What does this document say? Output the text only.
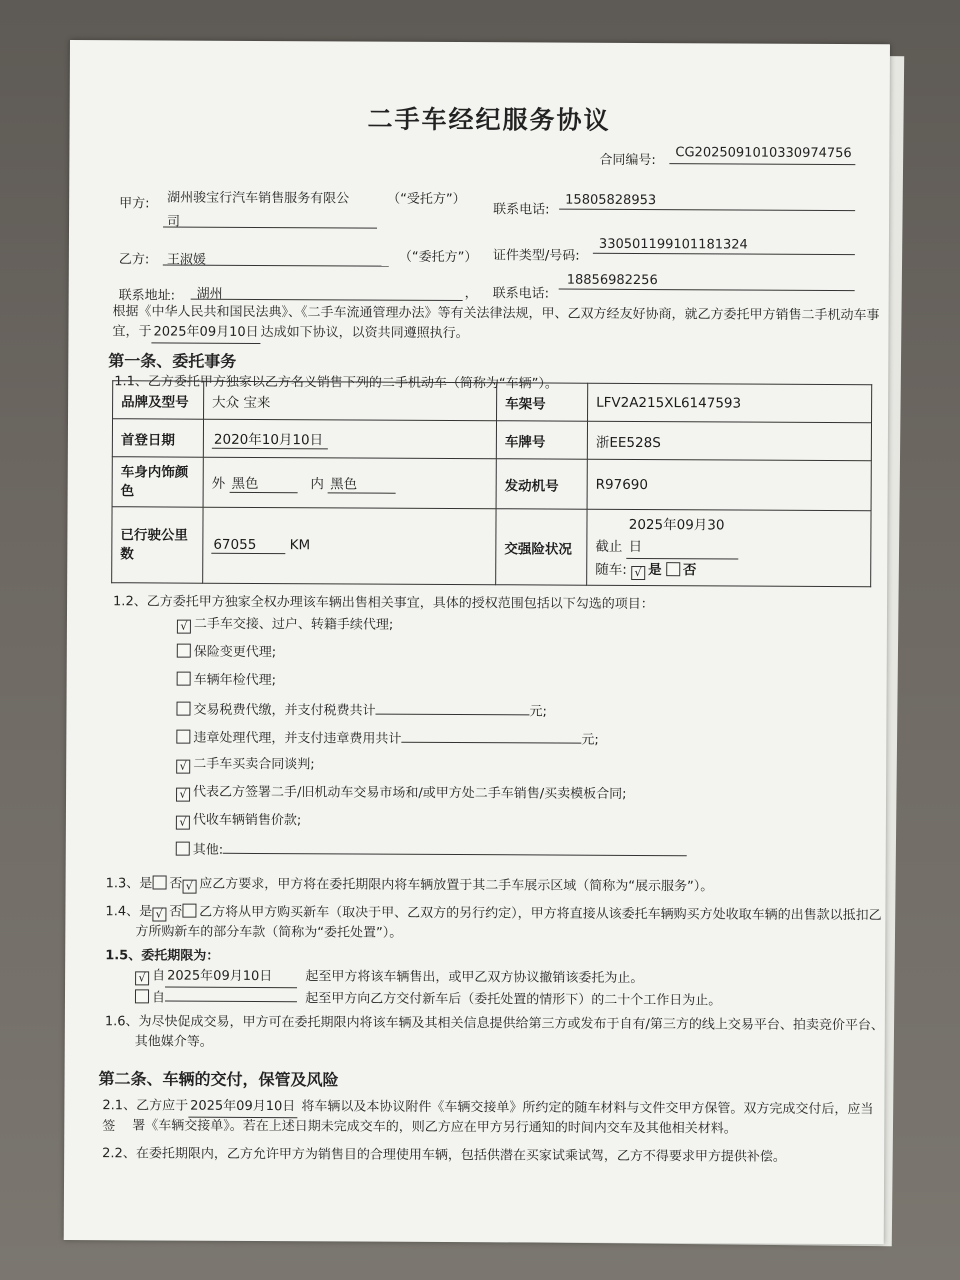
二手车经纪服务协议
合同编号: CG2025091010330974756
甲方: 湖州骏宝行汽车销售服务有限公
司
（“受托方”）
联系电话:
15805828953
乙方: 王淑媛	（“委托方”） 证件类型/号码:
330501199101181324
联系地址: 湖州	， 联系电话:
18856982256
根据《中华人民共和国民法典》、《二手车流通管理办法》等有关法律法规，甲、乙双方经友好协商，就乙方委托甲方销售二手机动车事
宜，于 2025年09月10日 达成如下协议，以资共同遵照执行。
第一条、委托事务
1.1、乙方委托甲方独家以乙方名义销售下列的二手机动车（简称为“车辆”）。
品牌及型号	大众 宝来	车架号	LFV2A215XL6147593
首登日期	2020年10月10日	车牌号	浙EE528S
车身内饰颜色	外 黑色 内 黑色	发动机号	R97690
已行驶公里数	67055 KM	交强险状况	截止 2025年09月30日
随车: √ 是 否
1.2、乙方委托甲方独家全权办理该车辆出售相关事宜，具体的授权范围包括以下勾选的项目：
√ 二手车交接、过户、转籍手续代理;
保险变更代理;
车辆年检代理;
交易税费代缴，并支付税费共计	元;
违章处理代理，并支付违章费用共计	元;
√ 二手车买卖合同谈判;
√ 代表乙方签署二手/旧机动车交易市场和/或甲方处二手车销售/买卖模板合同;
√ 代收车辆销售价款;
其他:
1.3、是 否 √ 应乙方要求，甲方将在委托期限内将车辆放置于其二手车展示区域（简称为“展示服务”）。
1.4、是 √ 否 乙方将从甲方购买新车（取决于甲、乙双方的另行约定），甲方将直接从该委托车辆购买方处收取车辆的出售款以抵扣乙
方所购新车的部分车款（简称为“委托处置”）。
1.5、委托期限为：
√ 自 2025年09月10日	起至甲方将该车辆售出，或甲乙双方协议撤销该委托为止。
自	起至甲方向乙方交付新车后（委托处置的情形下）的二十个工作日为止。
1.6、为尽快促成交易，甲方可在委托期限内将该车辆及其相关信息提供给第三方或发布于自有/第三方的线上交易平台、拍卖竞价平台、
其他媒介等。
第二条、车辆的交付，保管及风险
2.1、乙方应于 2025年09月10日 将车辆以及本协议附件《车辆交接单》所约定的随车材料与文件交甲方保管。双方完成交付后，应当签	署《车辆交接单》。若在上述日期未完成交车的，则乙方应在甲方另行通知的时间内交车及其他相关材料。
2.2、在委托期限内，乙方允许甲方为销售目的合理使用车辆，包括供潜在买家试乘试驾，乙方不得要求甲方提供补偿。
